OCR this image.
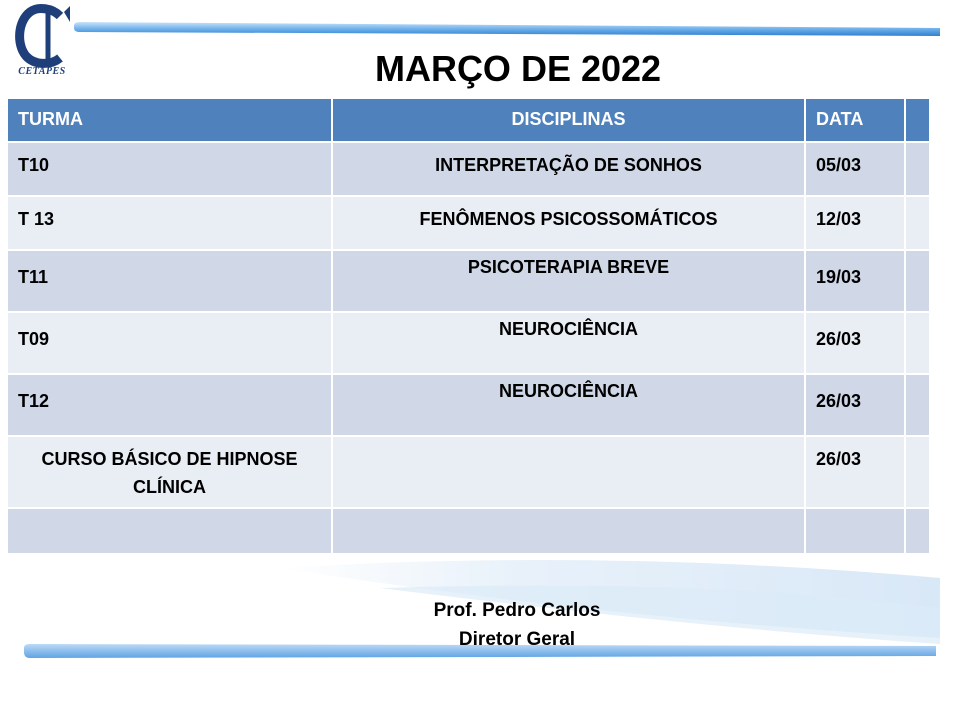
CETAPES	MARÇO DE 2022
TURMA	DISCIPLINAS	DATA	
T10	INTERPRETAÇÃO DE SONHOS	05/03	
T 13	FENÔMENOS PSICOSSOMÁTICOS	12/03	
T11	PSICOTERAPIA BREVE	19/03	
T09	NEUROCIÊNCIA	26/03	
T12	NEUROCIÊNCIA	26/03	
CURSO BÁSICO DE HIPNOSE CLÍNICA		26/03	

Prof. Pedro Carlos
Diretor Geral
